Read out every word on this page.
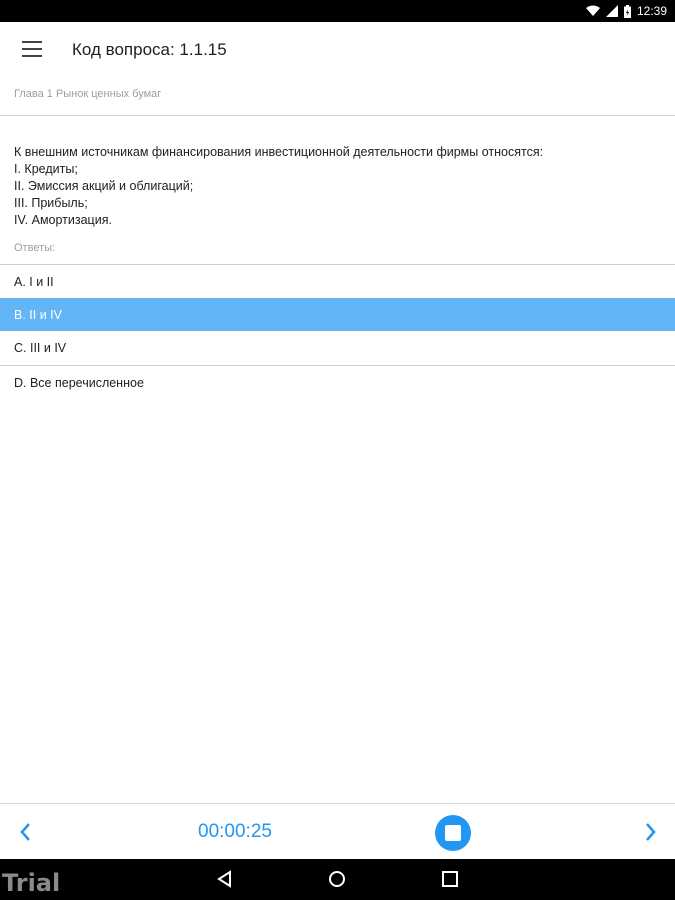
12:39
Код вопроса: 1.1.15
Глава 1 Рынок ценных бумаг
К внешним источникам финансирования инвестиционной деятельности фирмы относятся:
I. Кредиты;
II. Эмиссия акций и облигаций;
III. Прибыль;
IV. Амортизация.
Ответы:
A. I и II
B. II и IV
C. III и IV
D. Все перечисленное
00:00:25
Trial
